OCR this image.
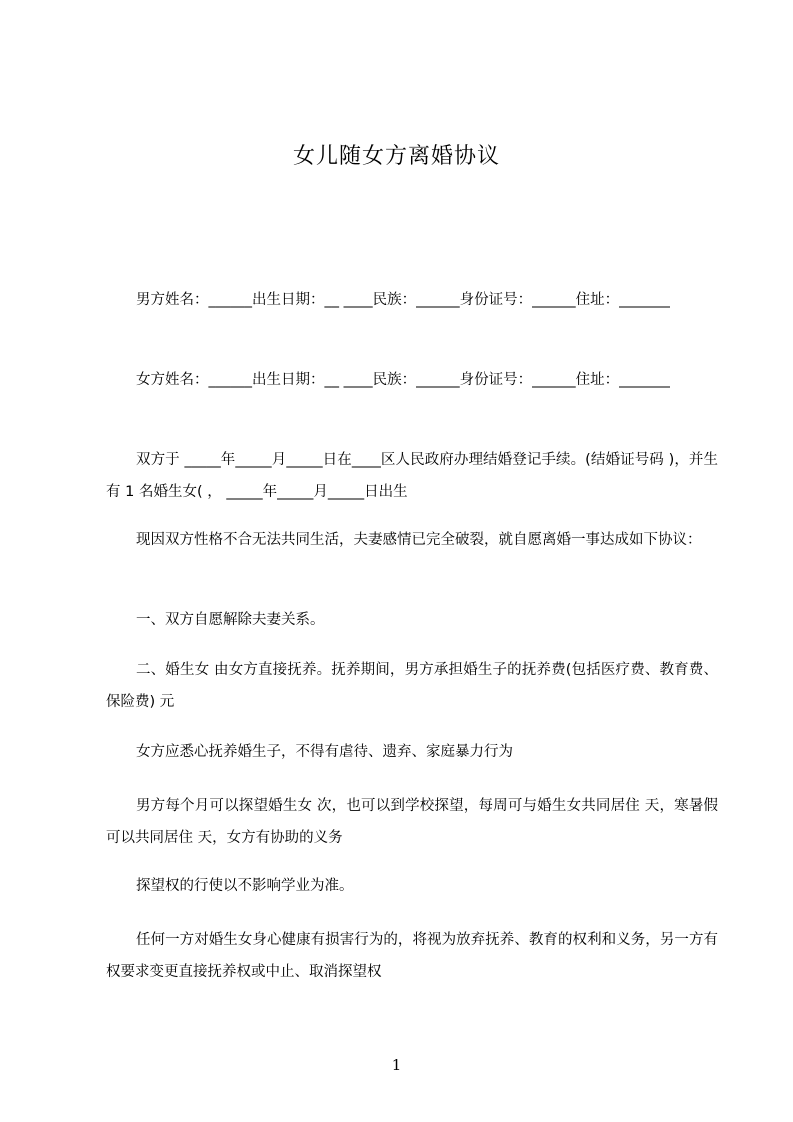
女儿随女方离婚协议
男方姓名：______出生日期：__ ____民族：______身份证号：______住址：_______
女方姓名：______出生日期：__ ____民族：______身份证号：______住址：_______
双方于 _____年_____月_____日在____区人民政府办理结婚登记手续。(结婚证号码 )，并生有 1 名婚生女( ， _____年_____月_____日出生
现因双方性格不合无法共同生活，夫妻感情已完全破裂，就自愿离婚一事达成如下协议：
一、双方自愿解除夫妻关系。
二、婚生女 由女方直接抚养。抚养期间，男方承担婚生子的抚养费(包括医疗费、教育费、保险费) 元
女方应悉心抚养婚生子，不得有虐待、遗弃、家庭暴力行为
男方每个月可以探望婚生女 次，也可以到学校探望，每周可与婚生女共同居住 天，寒暑假可以共同居住 天，女方有协助的义务
探望权的行使以不影响学业为准。
任何一方对婚生女身心健康有损害行为的，将视为放弃抚养、教育的权利和义务，另一方有权要求变更直接抚养权或中止、取消探望权
1
